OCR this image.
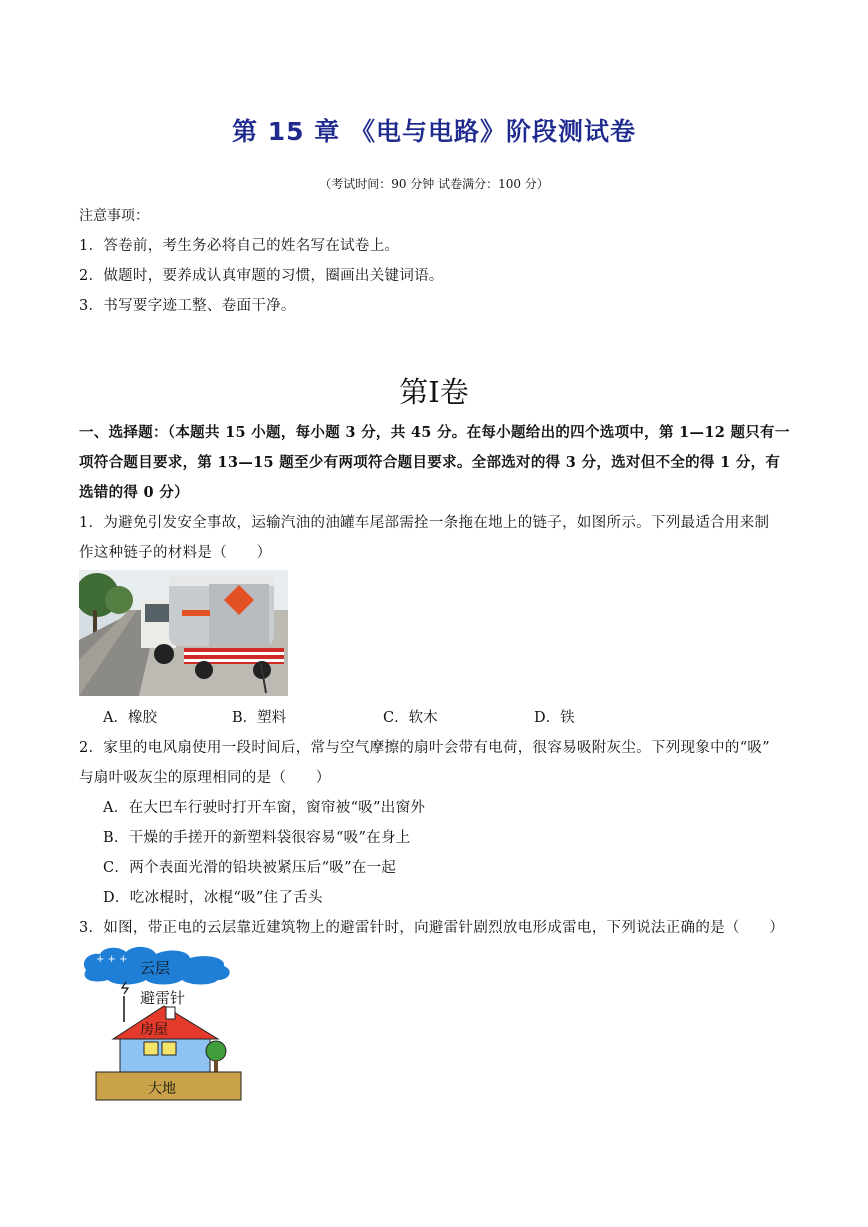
第 15 章 《电与电路》阶段测试卷
（考试时间：90 分钟 试卷满分：100 分）
注意事项：
1．答卷前，考生务必将自己的姓名写在试卷上。
2．做题时，要养成认真审题的习惯，圈画出关键词语。
3．书写要字迹工整、卷面干净。
第Ⅰ卷
一、选择题：（本题共 15 小题，每小题 3 分，共 45 分。在每小题给出的四个选项中，第 1—12 题只有一
项符合题目要求，第 13—15 题至少有两项符合题目要求。全部选对的得 3 分，选对但不全的得 1 分，有
选错的得 0 分）
1．为避免引发安全事故，运输汽油的油罐车尾部需拴一条拖在地上的链子，如图所示。下列最适合用来制
作这种链子的材料是（　　）
A．橡胶	B．塑料	C．软木	D．铁
2．家里的电风扇使用一段时间后，常与空气摩擦的扇叶会带有电荷，很容易吸附灰尘。下列现象中的“吸”
与扇叶吸灰尘的原理相同的是（　　）
A．在大巴车行驶时打开车窗，窗帘被“吸”出窗外
B．干燥的手搓开的新塑料袋很容易“吸”在身上
C．两个表面光滑的铅块被紧压后“吸”在一起
D．吃冰棍时，冰棍“吸”住了舌头
3．如图，带正电的云层靠近建筑物上的避雷针时，向避雷针剧烈放电形成雷电，下列说法正确的是（　　）
+ + + 云层
避雷针
房屋
大地
